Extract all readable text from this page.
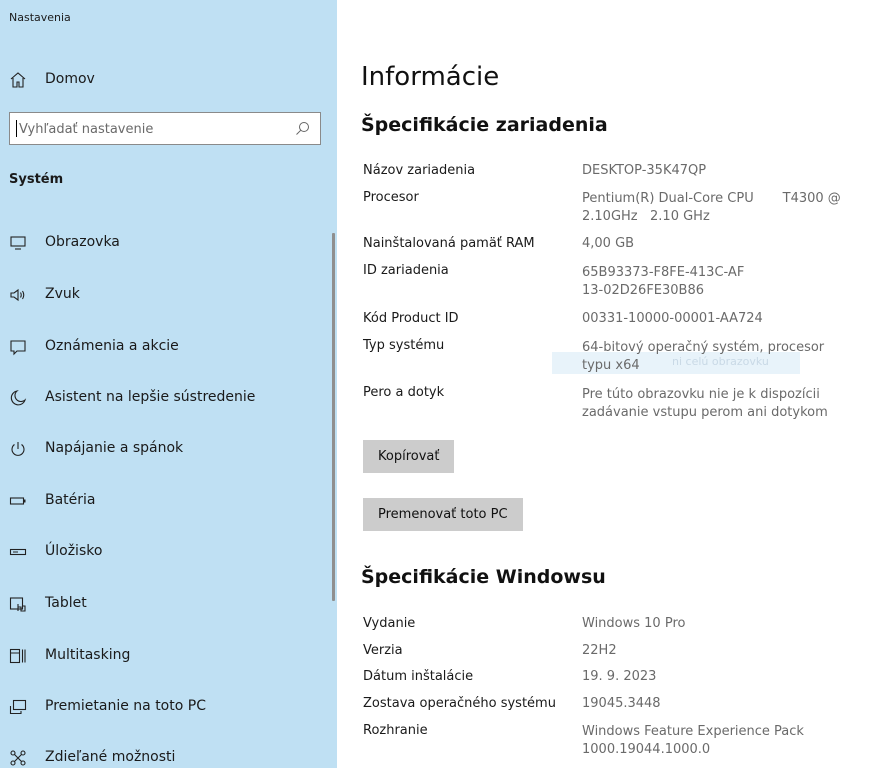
Nastavenia
Domov
Vyhľadať nastavenie
Systém
Obrazovka
Zvuk
Oznámenia a akcie
Asistent na lepšie sústredenie
Napájanie a spánok
Batéria
Úložisko
Tablet
Multitasking
Premietanie na toto PC
Zdieľané možnosti
Informácie
Špecifikácie zariadenia
Názov zariadenia	DESKTOP-35K47QP
Procesor	Pentium(R) Dual-Core CPU       T4300 @ 2.10GHz   2.10 GHz
Nainštalovaná pamäť RAM	4,00 GB
ID zariadenia	65B93373-F8FE-413C-AF13-02D26FE30B86
Kód Product ID	00331-10000-00001-AA724
ni celú obrazovku
Typ systému	64-bitový operačný systém, procesor typu x64
Pero a dotyk	Pre túto obrazovku nie je k dispozícii zadávanie vstupu perom ani dotykom
Kopírovať
Premenovať toto PC
Špecifikácie Windowsu
Vydanie	Windows 10 Pro
Verzia	22H2
Dátum inštalácie	19. 9. 2023
Zostava operačného systému 19045.3448
Rozhranie	Windows Feature Experience Pack 1000.19044.1000.0
